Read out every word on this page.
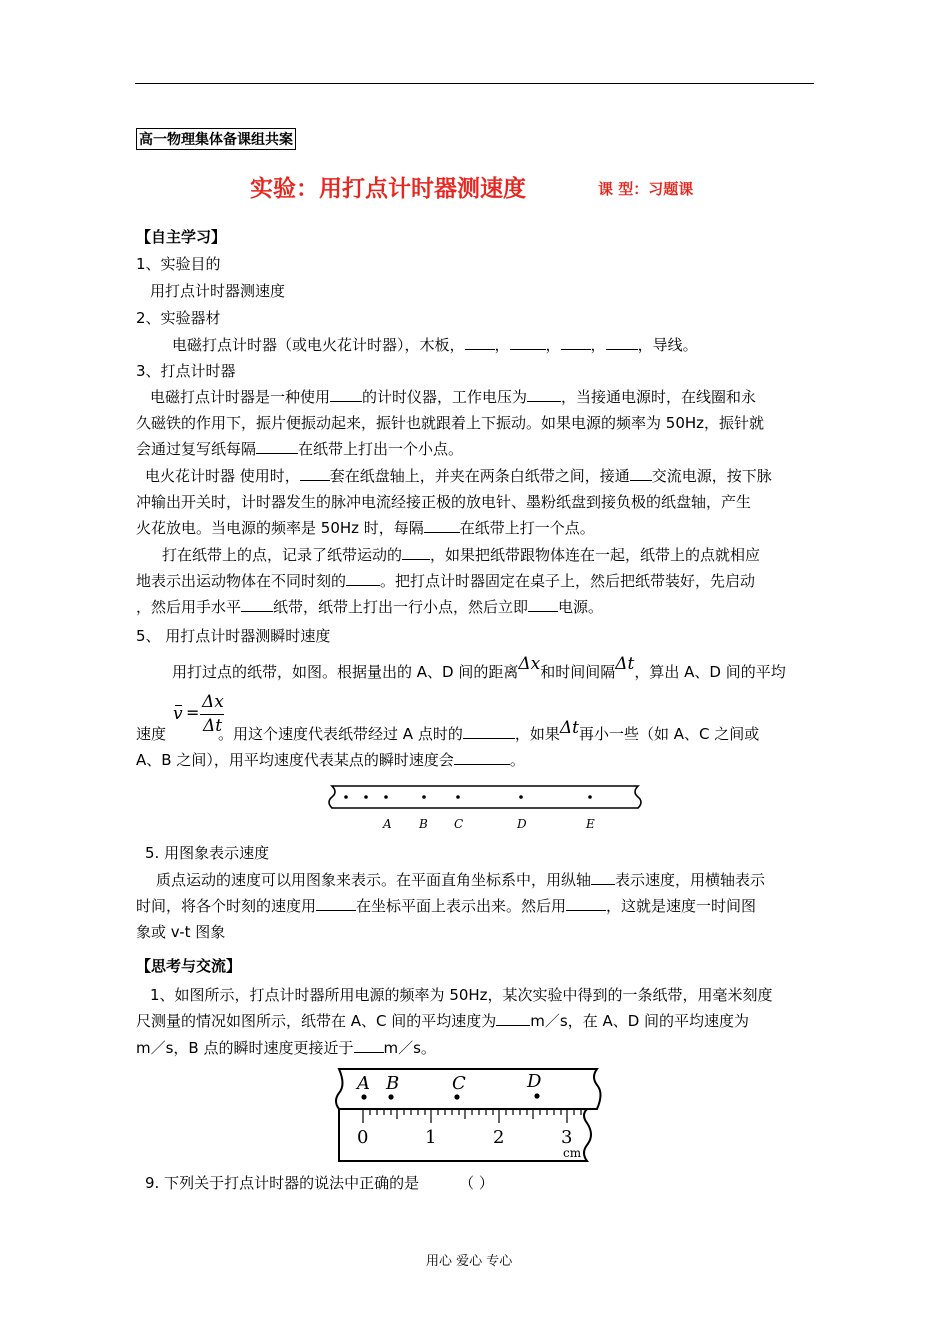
高一物理集体备课组共案
实验：用打点计时器测速度	课 型：习题课
【自主学习】
1、实验目的
用打点计时器测速度
2、实验器材
电磁打点计时器（或电火花计时器），木板， ， ， ， ，导线。
3、打点计时器
电磁打点计时器是一种使用 的计时仪器，工作电压为 ，当接通电源时，在线圈和永
久磁铁的作用下，振片便振动起来，振针也就跟着上下振动。如果电源的频率为 50Hz，振针就
会通过复写纸每隔	在纸带上打出一个小点。
电火花计时器 使用时， 套在纸盘轴上，并夹在两条白纸带之间，接通 交流电源，按下脉
冲输出开关时，计时器发生的脉冲电流经接正极的放电针、墨粉纸盘到接负极的纸盘轴，产生
火花放电。当电源的频率是 50Hz 时，每隔 在纸带上打一个点。
打在纸带上的点，记录了纸带运动的 ，如果把纸带跟物体连在一起，纸带上的点就相应
地表示出运动物体在不同时刻的 。把打点计时器固定在桌子上，然后把纸带装好，先启动
，然后用手水平 纸带，纸带上打出一行小点，然后立即 电源。
5、 用打点计时器测瞬时速度
用打过点的纸带，如图。根据量出的 A、D 间的距离Δx和时间间隔Δt，算出 A、D 间的平均
Δx
Δt
v =
速度	。用这个速度代表纸带经过 A 点时的	，如果Δt再小一些（如 A、C 之间或
A、B 之间），用平均速度代表某点的瞬时速度会	。
A B C	D	E
5. 用图象表示速度
质点运动的速度可以用图象来表示。在平面直角坐标系中，用纵轴 表示速度，用横轴表示
时间，将各个时刻的速度用	在坐标平面上表示出来。然后用	，这就是速度一时间图
象或 v-t 图象
【思考与交流】
1、如图所示，打点计时器所用电源的频率为 50Hz，某次实验中得到的一条纸带，用毫米刻度
尺测量的情况如图所示，纸带在 A、C 间的平均速度为 m／s，在 A、D 间的平均速度为
m／s，B 点的瞬时速度更接近于 m／s。
A B	C	D
0	1	2	3
cm
9. 下列关于打点计时器的说法中正确的是	（ ）
用心 爱心 专心
